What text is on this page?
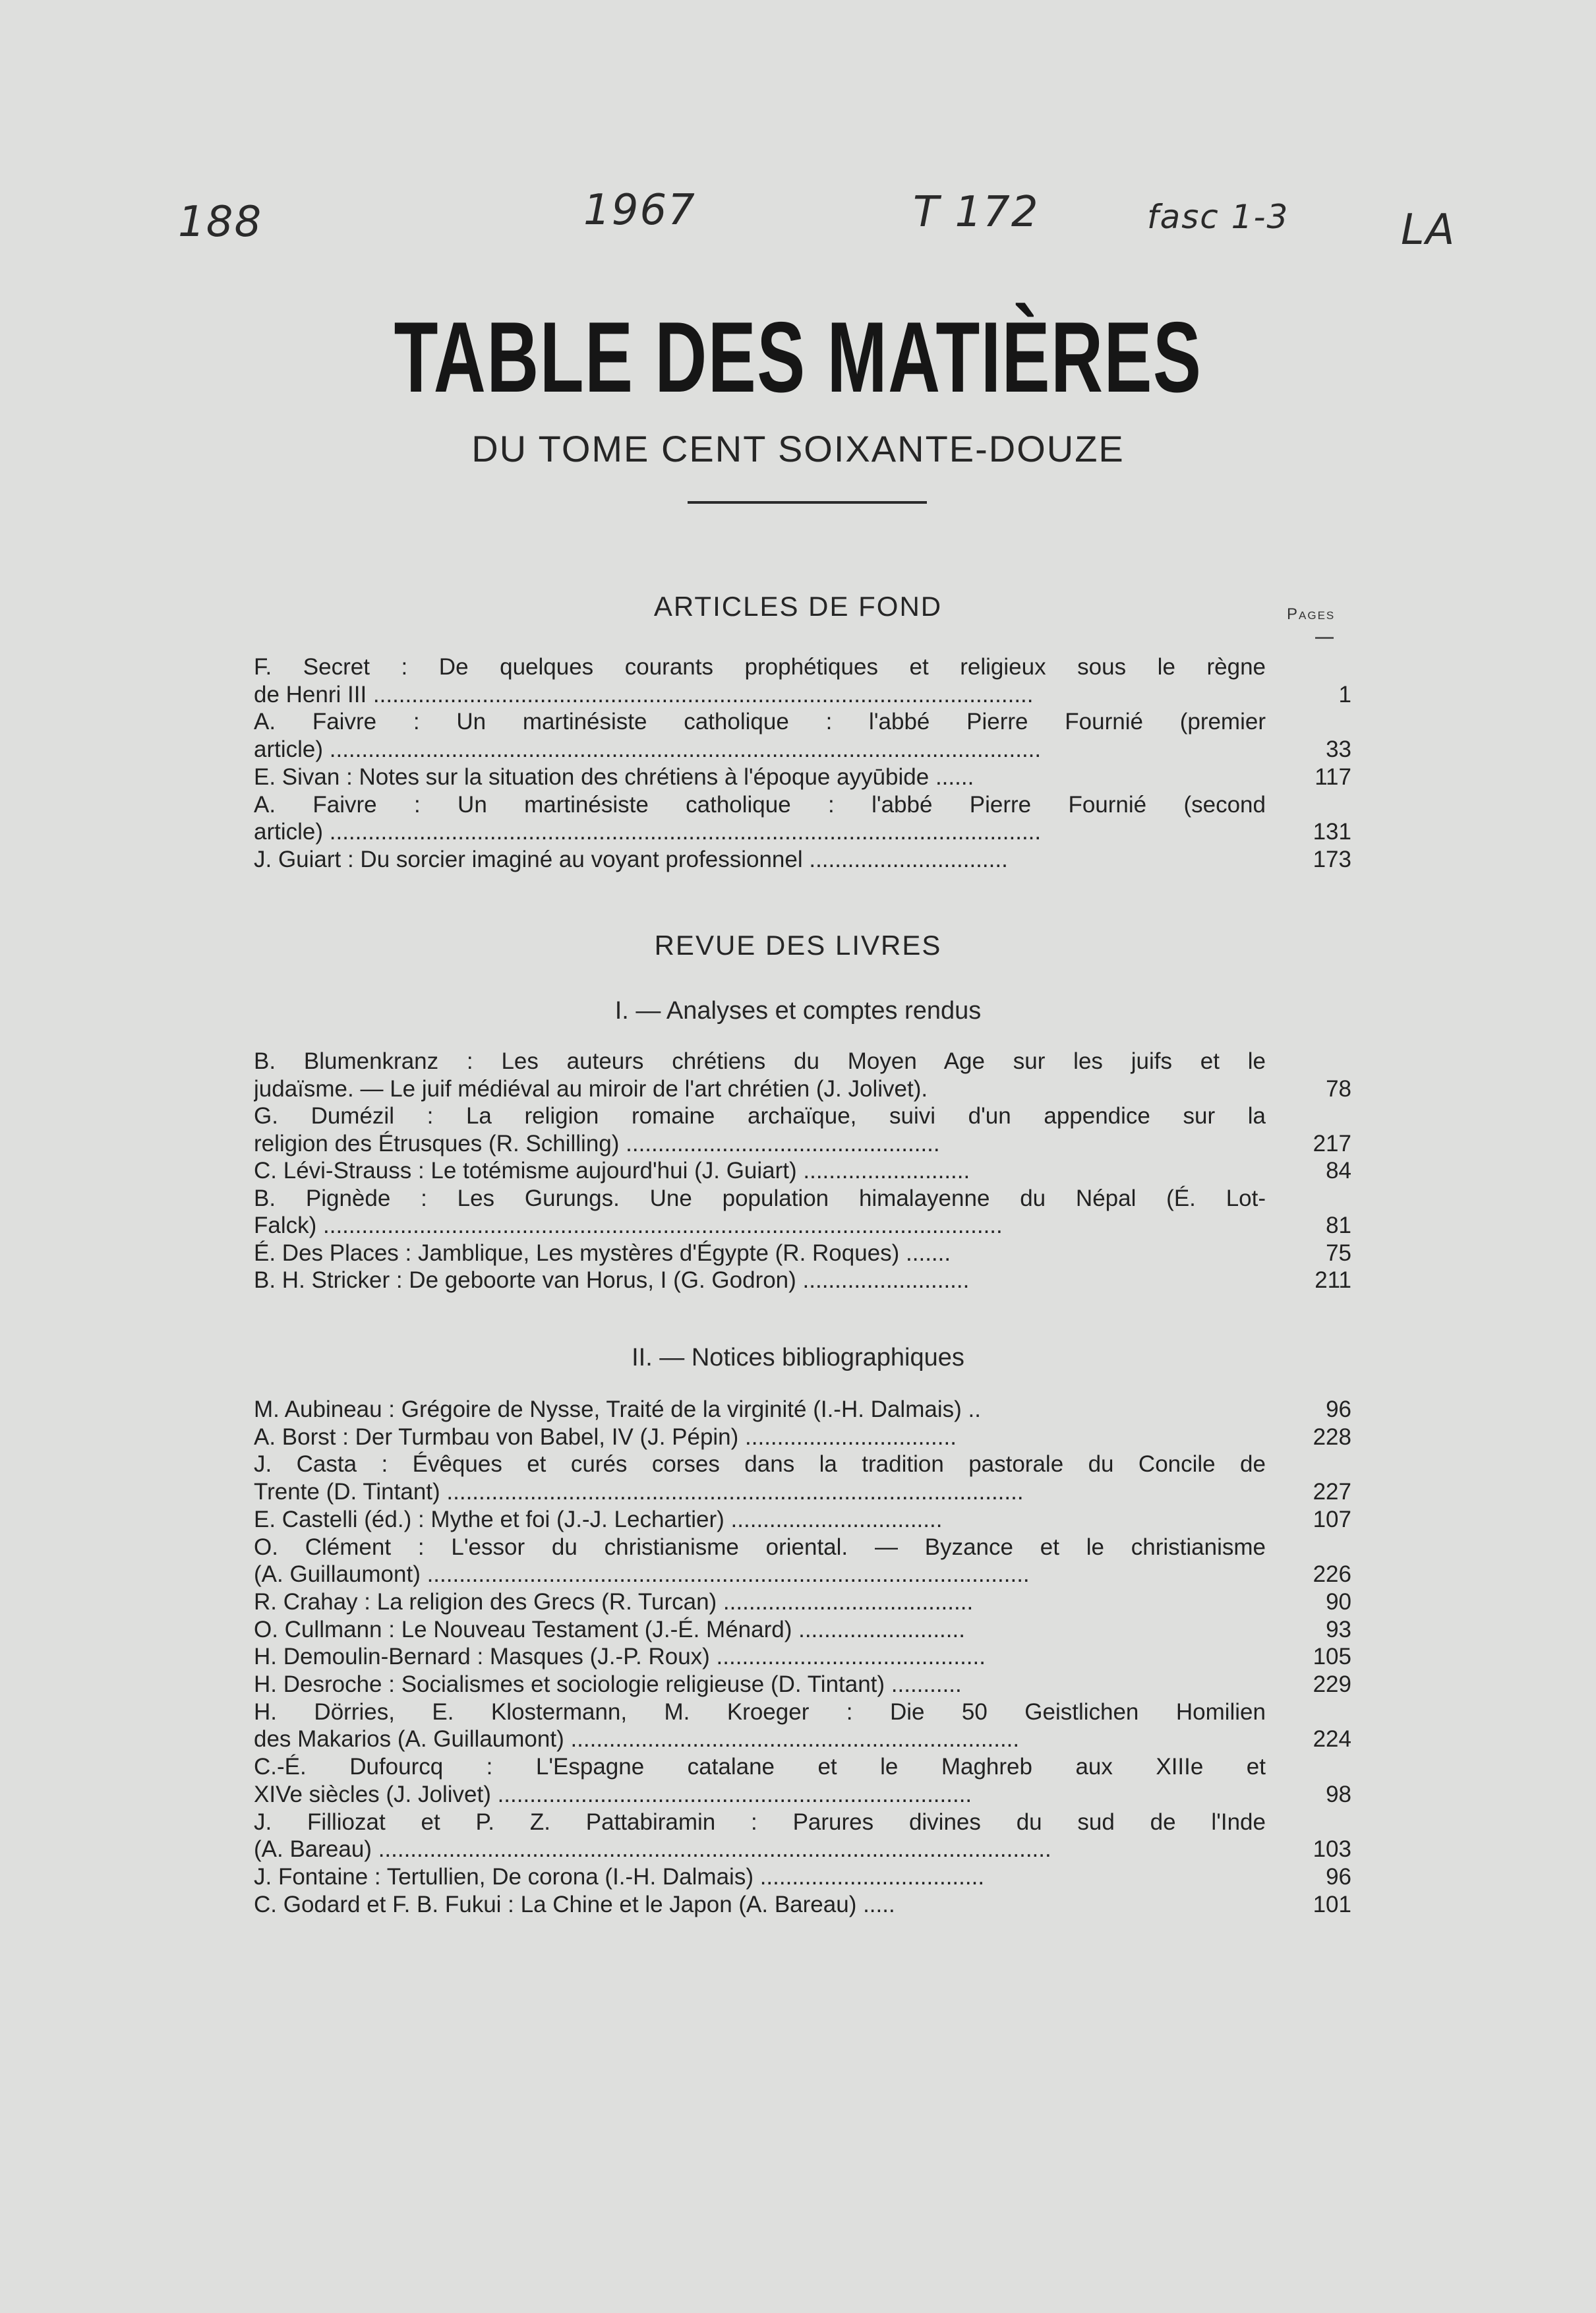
188	1967	T 172	fasc 1-3	LA
TABLE DES MATIÈRES
DU TOME CENT SOIXANTE-DOUZE
Pages
ARTICLES DE FOND
F. Secret : De quelques courants prophétiques et religieux sous le règne
de Henri III .......................................................................................................	1
A. Faivre : Un martinésiste catholique : l'abbé Pierre Fournié (premier
article) ...............................................................................................................	33
E. Sivan : Notes sur la situation des chrétiens à l'époque ayyūbide ......	117
A. Faivre : Un martinésiste catholique : l'abbé Pierre Fournié (second
article) ...............................................................................................................	131
J. Guiart : Du sorcier imaginé au voyant professionnel ...............................	173
REVUE DES LIVRES
I. — Analyses et comptes rendus
B. Blumenkranz : Les auteurs chrétiens du Moyen Age sur les juifs et le
judaïsme. — Le juif médiéval au miroir de l'art chrétien (J. Jolivet).	78
G. Dumézil : La religion romaine archaïque, suivi d'un appendice sur la
religion des Étrusques (R. Schilling) .................................................	217
C. Lévi-Strauss : Le totémisme aujourd'hui (J. Guiart) ..........................	84
B. Pignède : Les Gurungs. Une population himalayenne du Népal (É. Lot-
Falck) ..........................................................................................................	81
É. Des Places : Jamblique, Les mystères d'Égypte (R. Roques) .......	75
B. H. Stricker : De geboorte van Horus, I (G. Godron) ..........................	211
II. — Notices bibliographiques
M. Aubineau : Grégoire de Nysse, Traité de la virginité (I.-H. Dalmais) ..	96
A. Borst : Der Turmbau von Babel, IV (J. Pépin) .................................	228
J. Casta : Évêques et curés corses dans la tradition pastorale du Concile de
Trente (D. Tintant) ..........................................................................................	227
E. Castelli (éd.) : Mythe et foi (J.-J. Lechartier) .................................	107
O. Clément : L'essor du christianisme oriental. — Byzance et le christianisme
(A. Guillaumont) ..............................................................................................	226
R. Crahay : La religion des Grecs (R. Turcan) .......................................	90
O. Cullmann : Le Nouveau Testament (J.-É. Ménard) ..........................	93
H. Demoulin-Bernard : Masques (J.-P. Roux) ..........................................	105
H. Desroche : Socialismes et sociologie religieuse (D. Tintant) ...........	229
H. Dörries, E. Klostermann, M. Kroeger : Die 50 Geistlichen Homilien
des Makarios (A. Guillaumont) ......................................................................	224
C.-É. Dufourcq : L'Espagne catalane et le Maghreb aux XIIIe et
XIVe siècles (J. Jolivet) ..........................................................................	98
J. Filliozat et P. Z. Pattabiramin : Parures divines du sud de l'Inde
(A. Bareau) .........................................................................................................	103
J. Fontaine : Tertullien, De corona (I.-H. Dalmais) ...................................	96
C. Godard et F. B. Fukui : La Chine et le Japon (A. Bareau) .....	101
